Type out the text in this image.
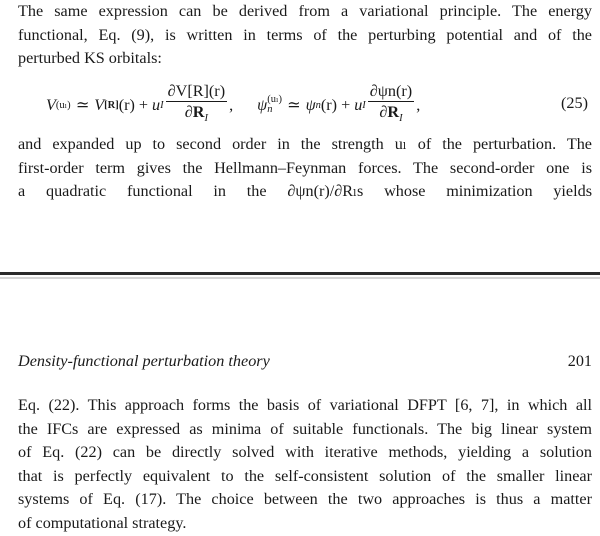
The same expression can be derived from a variational principle. The energy
functional, Eq. (9), is written in terms of the perturbing potential and of the
perturbed KS orbitals:
V (uₗ) ≃ V [R] (r) + u I $\frac{\partial V[R](r)}{\partial R_I}$ , ψ (uₗ)
n ≃ ψ n (r) + u I $\frac{\partial\psi n(r)}{\partial R_I}$ ,	(25)
and expanded up to second order in the strength uₗ of the perturbation. The
first-order term gives the Hellmann–Feynman forces. The second-order one is
a quadratic functional in the ∂ψn(r)/∂Rₗs whose minimization yields
Density-functional perturbation theory	201
Eq. (22). This approach forms the basis of variational DFPT [6, 7], in which all
the IFCs are expressed as minima of suitable functionals. The big linear system
of Eq. (22) can be directly solved with iterative methods, yielding a solution
that is perfectly equivalent to the self-consistent solution of the smaller linear
systems of Eq. (17). The choice between the two approaches is thus a matter
of computational strategy.
